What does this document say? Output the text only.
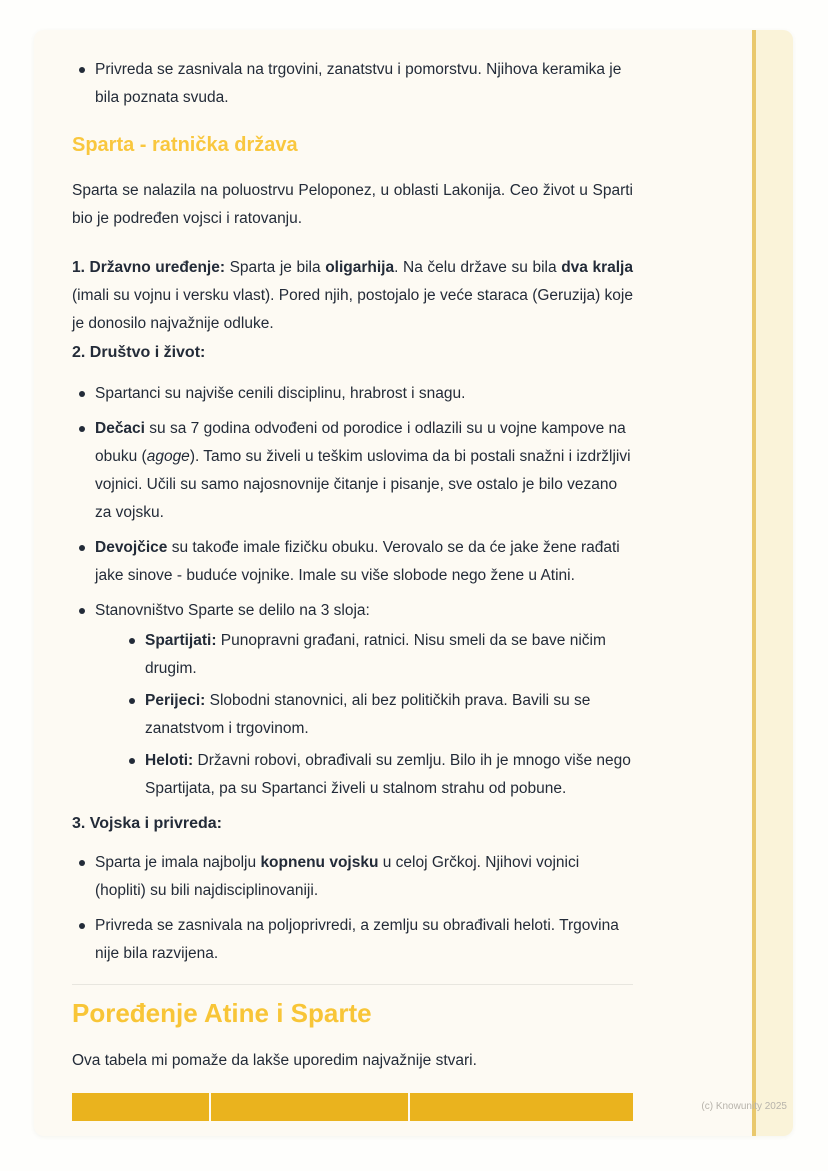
Privreda se zasnivala na trgovini, zanatstvu i pomorstvu. Njihova keramika je bila poznata svuda.
Sparta - ratnička država

Sparta se nalazila na poluostrvu Peloponez, u oblasti Lakonija. Ceo život u Sparti bio je podređen vojsci i ratovanju.

1. Državno uređenje: Sparta je bila oligarhija. Na čelu države su bila dva kralja (imali su vojnu i versku vlast). Pored njih, postojalo je veće staraca (Geruzija) koje je donosilo najvažnije odluke.

2. Društvo i život:
Spartanci su najviše cenili disciplinu, hrabrost i snagu.
Dečaci su sa 7 godina odvođeni od porodice i odlazili su u vojne kampove na obuku (agoge). Tamo su živeli u teškim uslovima da bi postali snažni i izdržljivi vojnici. Učili su samo najosnovnije čitanje i pisanje, sve ostalo je bilo vezano za vojsku.
Devojčice su takođe imale fizičku obuku. Verovalo se da će jake žene rađati jake sinove - buduće vojnike. Imale su više slobode nego žene u Atini.
Stanovništvo Sparte se delilo na 3 sloja:
Spartijati: Punopravni građani, ratnici. Nisu smeli da se bave ničim drugim.
Perijeci: Slobodni stanovnici, ali bez političkih prava. Bavili su se zanatstvom i trgovinom.
Heloti: Državni robovi, obrađivali su zemlju. Bilo ih je mnogo više nego Spartijata, pa su Spartanci živeli u stalnom strahu od pobune.
3. Vojska i privreda:
Sparta je imala najbolju kopnenu vojsku u celoj Grčkoj. Njihovi vojnici (hopliti) su bili najdisciplinovaniji.
Privreda se zasnivala na poljoprivredi, a zemlju su obrađivali heloti. Trgovina nije bila razvijena.
Poređenje Atine i Sparte

Ova tabela mi pomaže da lakše uporedim najvažnije stvari.

(c) Knowunity 2025
